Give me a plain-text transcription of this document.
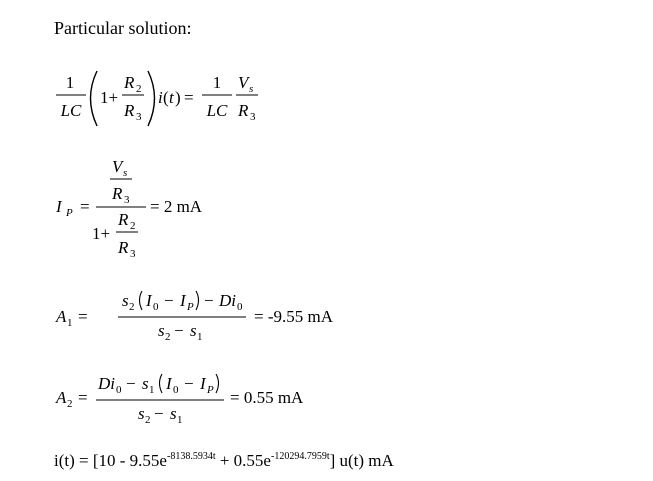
Particular solution:
1
LC
1+
R 2
R 3
i ( t ) =
1
LC
V s
R 3
I P =
V s
R 3
1+
R 2
R 3
= 2 mA
A 1 =
s 2 I 0 − I P − Di 0
s 2 − s 1
= -9.55 mA
A 2 =
Di 0 − s 1 I 0 − I P
s 2 − s 1
= 0.55 mA
$i(t) = [10 - 9.55e^{-8138.5934t} + 0.55e^{-120294.7959t}]$ u(t) mA
